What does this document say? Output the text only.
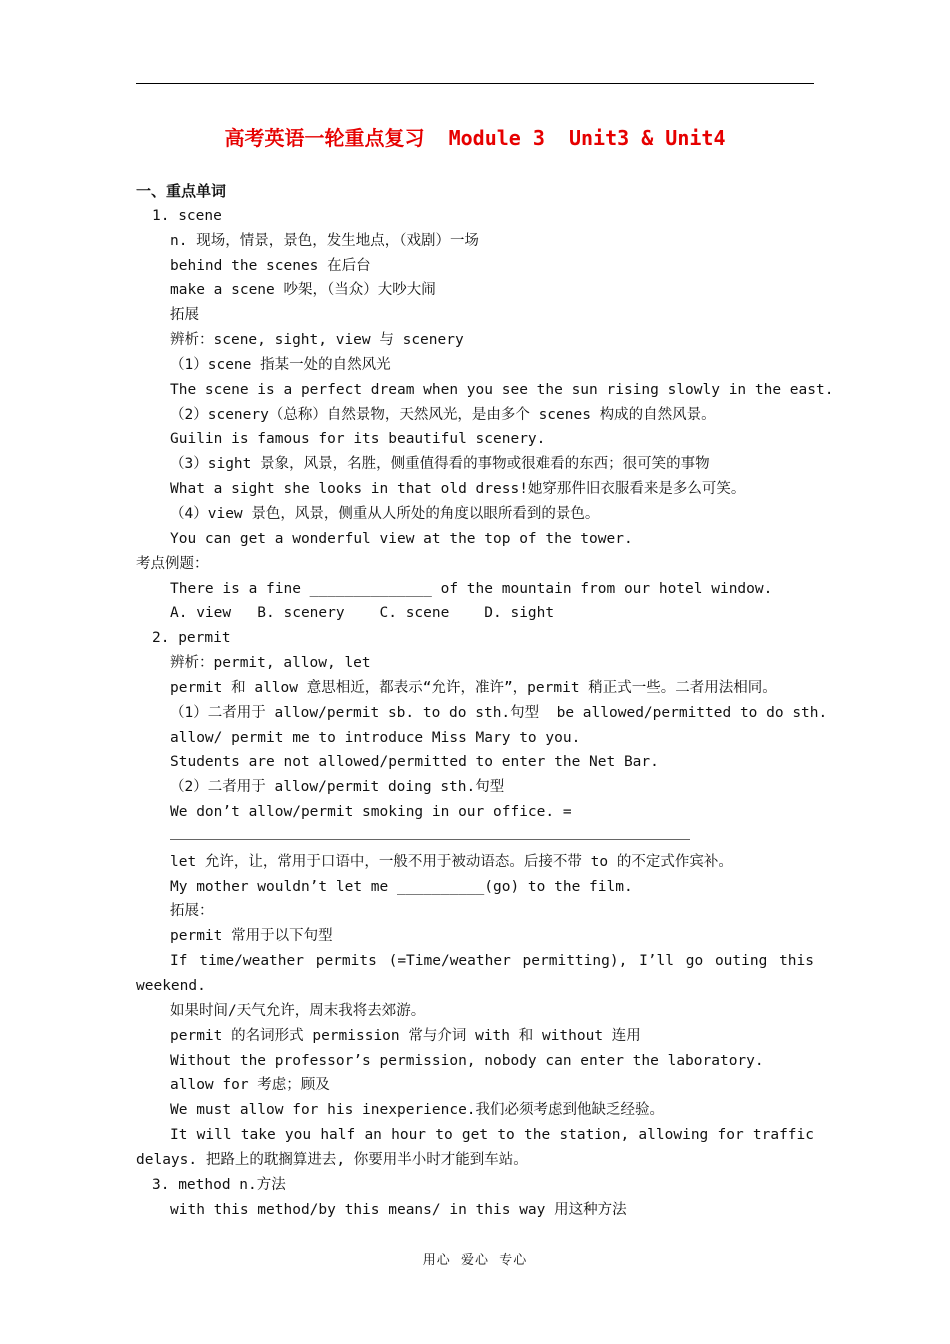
高考英语一轮重点复习  Module 3  Unit3 & Unit4
一、重点单词
1. scene
n. 现场，情景，景色，发生地点，（戏剧）一场
behind the scenes 在后台
make a scene 吵架，（当众）大吵大闹
拓展
辨析：scene, sight, view 与 scenery
（1）scene 指某一处的自然风光
The scene is a perfect dream when you see the sun rising slowly in the east.
（2）scenery（总称）自然景物，天然风光，是由多个 scenes 构成的自然风景。
Guilin is famous for its beautiful scenery.
（3）sight 景象，风景，名胜，侧重值得看的事物或很难看的东西；很可笑的事物
What a sight she looks in that old dress!她穿那件旧衣服看来是多么可笑。
（4）view 景色，风景，侧重从人所处的角度以眼所看到的景色。
You can get a wonderful view at the top of the tower.
考点例题：
There is a fine ______________ of the mountain from our hotel window.
A. view   B. scenery    C. scene    D. sight
2. permit
辨析：permit, allow, let
permit 和 allow 意思相近，都表示“允许，准许”，permit 稍正式一些。二者用法相同。
（1）二者用于 allow/permit sb. to do sth.句型  be allowed/permitted to do sth.
allow/ permit me to introduce Miss Mary to you.
Students are not allowed/permitted to enter the Net Bar.
（2）二者用于 allow/permit doing sth.句型
We don’t allow/permit smoking in our office. =
let 允许，让，常用于口语中，一般不用于被动语态。后接不带 to 的不定式作宾补。
My mother wouldn’t let me __________(go) to the film.
拓展：
permit 常用于以下句型
If time/weather permits (=Time/weather permitting), I’ll go outing this
weekend.
如果时间/天气允许，周末我将去郊游。
permit 的名词形式 permission 常与介词 with 和 without 连用
Without the professor’s permission, nobody can enter the laboratory.
allow for 考虑；顾及
We must allow for his inexperience.我们必须考虑到他缺乏经验。
It will take you half an hour to get to the station, allowing for traffic
delays. 把路上的耽搁算进去, 你要用半小时才能到车站。
3. method n.方法
with this method/by this means/ in this way 用这种方法
用心  爱心  专心
